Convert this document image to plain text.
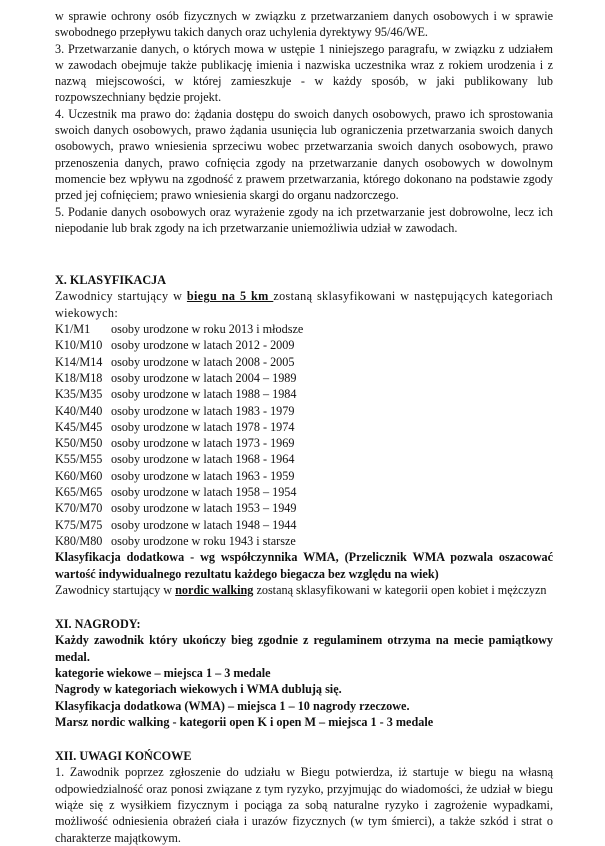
w sprawie ochrony osób fizycznych w związku z przetwarzaniem danych osobowych i w sprawie swobodnego przepływu takich danych oraz uchylenia dyrektywy 95/46/WE.

3. Przetwarzanie danych, o których mowa w ustępie 1 niniejszego paragrafu, w związku z udziałem w zawodach obejmuje także publikację imienia i nazwiska uczestnika wraz z rokiem urodzenia i z nazwą miejscowości, w której zamieszkuje - w każdy sposób, w jaki publikowany lub rozpowszechniany będzie projekt.

4. Uczestnik ma prawo do: żądania dostępu do swoich danych osobowych, prawo ich sprostowania swoich danych osobowych, prawo żądania usunięcia lub ograniczenia przetwarzania swoich danych osobowych, prawo wniesienia sprzeciwu wobec przetwarzania swoich danych osobowych, prawo przenoszenia danych, prawo cofnięcia zgody na przetwarzanie danych osobowych w dowolnym momencie bez wpływu na zgodność z prawem przetwarzania, którego dokonano na podstawie zgody przed jej cofnięciem; prawo wniesienia skargi do organu nadzorczego.

5. Podanie danych osobowych oraz wyrażenie zgody na ich przetwarzanie jest dobrowolne, lecz ich niepodanie lub brak zgody na ich przetwarzanie uniemożliwia udział w zawodach.

X. KLASYFIKACJA

Zawodnicy startujący w biegu na 5 km zostaną sklasyfikowani w następujących kategoriach wiekowych:

K1/M1	osoby urodzone w roku 2013 i młodsze

K10/M10 osoby urodzone w latach 2012 - 2009

K14/M14 osoby urodzone w latach 2008 - 2005

K18/M18 osoby urodzone w latach 2004 – 1989

K35/M35 osoby urodzone w latach 1988 – 1984

K40/M40 osoby urodzone w latach 1983 - 1979

K45/M45 osoby urodzone w latach 1978 - 1974

K50/M50 osoby urodzone w latach 1973 - 1969

K55/M55 osoby urodzone w latach 1968 - 1964

K60/M60 osoby urodzone w latach 1963 - 1959

K65/M65 osoby urodzone w latach 1958 – 1954

K70/M70 osoby urodzone w latach 1953 – 1949

K75/M75 osoby urodzone w latach 1948 – 1944

K80/M80 osoby urodzone w roku 1943 i starsze

Klasyfikacja dodatkowa - wg współczynnika WMA, (Przelicznik WMA pozwala oszacować wartość indywidualnego rezultatu każdego biegacza bez względu na wiek)

Zawodnicy startujący w nordic walking zostaną sklasyfikowani w kategorii open kobiet i mężczyzn

XI. NAGRODY:

Każdy zawodnik który ukończy bieg zgodnie z regulaminem otrzyma na mecie pamiątkowy medal.

kategorie wiekowe – miejsca 1 – 3 medale

Nagrody w kategoriach wiekowych i WMA dublują się.

Klasyfikacja dodatkowa (WMA) – miejsca 1 – 10 nagrody rzeczowe.

Marsz nordic walking - kategorii open K i open M – miejsca 1 - 3 medale

XII. UWAGI KOŃCOWE

1. Zawodnik poprzez zgłoszenie do udziału w Biegu potwierdza, iż startuje w biegu na własną odpowiedzialność oraz ponosi związane z tym ryzyko, przyjmując do wiadomości, że udział w biegu wiąże się z wysiłkiem fizycznym i pociąga za sobą naturalne ryzyko i zagrożenie wypadkami, możliwość odniesienia obrażeń ciała i urazów fizycznych (w tym śmierci), a także szkód i strat o charakterze majątkowym.
